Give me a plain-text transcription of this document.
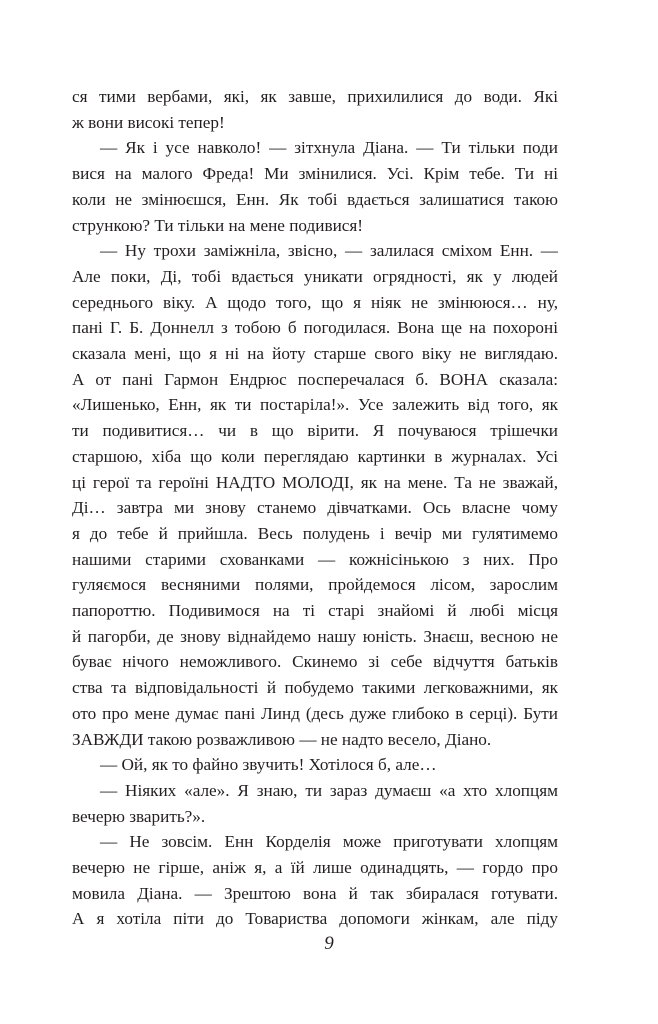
ся тими вербами, які, як завше, прихилилися до води. Які
ж вони високі тепер!
— Як і усе навколо! — зітхнула Діана. — Ти тільки поди
вися на малого Фреда! Ми змінилися. Усі. Крім тебе. Ти ні
коли не змінюєшся, Енн. Як тобі вдається залишатися такою
стрункою? Ти тільки на мене подивися!
— Ну трохи заміжніла, звісно, — залилася сміхом Енн. —
Але поки, Ді, тобі вдається уникати огрядності, як у людей
середнього віку. А щодо того, що я ніяк не змінююся… ну,
пані Г. Б. Доннелл з тобою б погодилася. Вона ще на похороні
сказала мені, що я ні на йоту старше свого віку не виглядаю.
А от пані Гармон Ендрюс посперечалася б. ВОНА сказала:
«Лишенько, Енн, як ти постаріла!». Усе залежить від того, як
ти подивитися… чи в що вірити. Я почуваюся трішечки
старшою, хіба що коли переглядаю картинки в журналах. Усі
ці герої та героїні НАДТО МОЛОДІ, як на мене. Та не зважай,
Ді… завтра ми знову станемо дівчатками. Ось власне чому
я до тебе й прийшла. Весь полудень і вечір ми гулятимемо
нашими старими схованками — кожнісінькою з них. Про
гуляємося весняними полями, пройдемося лісом, зарослим
папороттю. Подивимося на ті старі знайомі й любі місця
й пагорби, де знову віднайдемо нашу юність. Знаєш, весною не
буває нічого неможливого. Скинемо зі себе відчуття батьків
ства та відповідальності й побудемо такими легковажними, як
ото про мене думає пані Линд (десь дуже глибоко в серці). Бути
ЗАВЖДИ такою розважливою — не надто весело, Діано.
— Ой, як то файно звучить! Хотілося б, але…
— Ніяких «але». Я знаю, ти зараз думаєш «а хто хлопцям
вечерю зварить?».
— Не зовсім. Енн Корделія може приготувати хлопцям
вечерю не гірше, аніж я, а їй лише одинадцять, — гордо про
мовила Діана. — Зрештою вона й так збиралася готувати.
А я хотіла піти до Товариства допомоги жінкам, але піду
9
